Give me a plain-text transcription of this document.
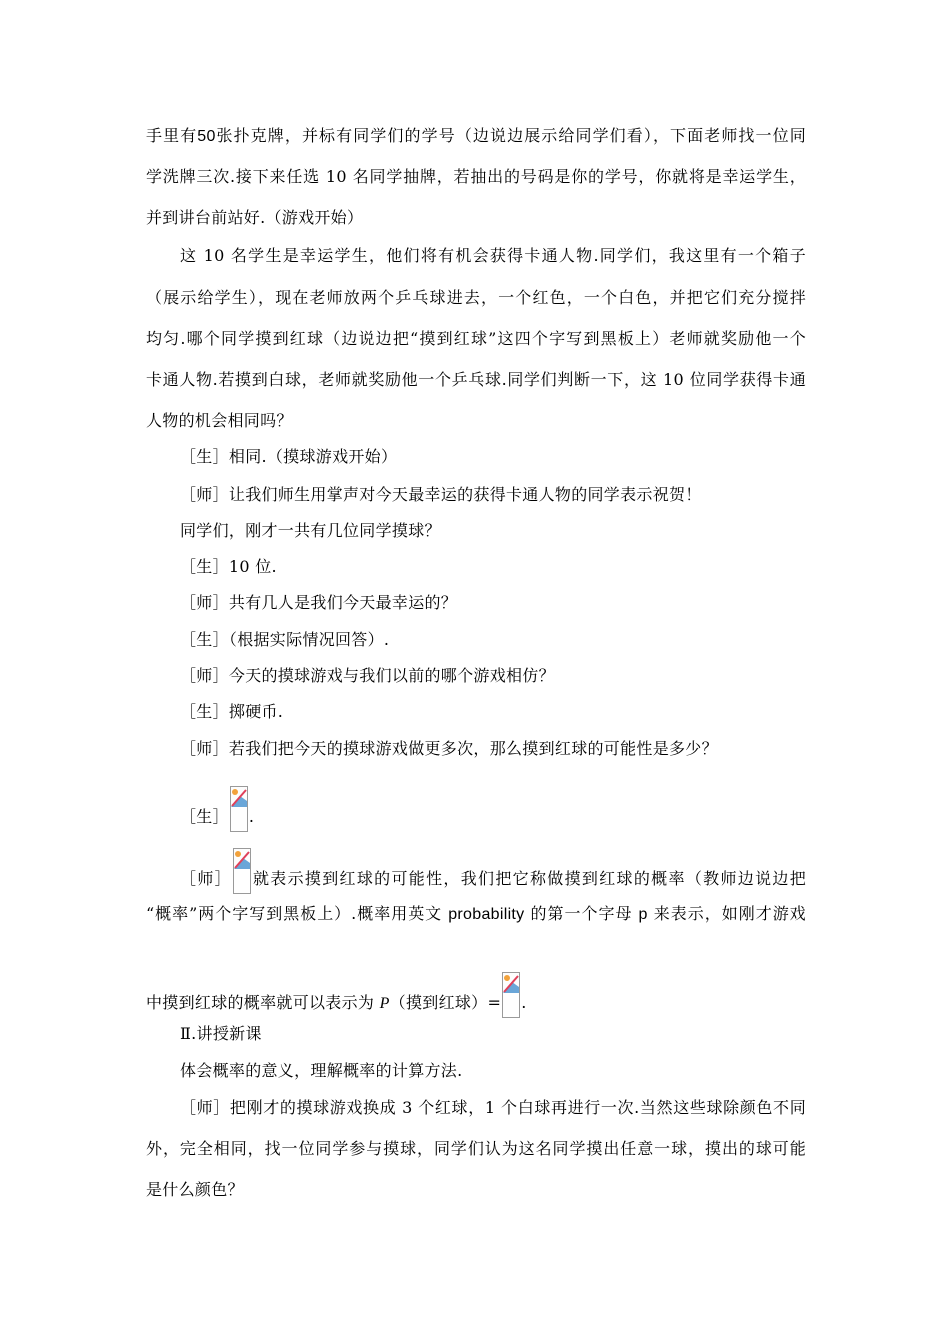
手里有50张扑克牌，并标有同学们的学号（边说边展示给同学们看），下面老师找一位同
学洗牌三次.接下来任选 10 名同学抽牌，若抽出的号码是你的学号，你就将是幸运学生，
并到讲台前站好.（游戏开始）
这 10 名学生是幸运学生，他们将有机会获得卡通人物.同学们，我这里有一个箱子
（展示给学生），现在老师放两个乒乓球进去，一个红色，一个白色，并把它们充分搅拌
均匀.哪个同学摸到红球（边说边把“摸到红球”这四个字写到黑板上）老师就奖励他一个
卡通人物.若摸到白球，老师就奖励他一个乒乓球.同学们判断一下，这 10 位同学获得卡通
人物的机会相同吗？
［生］相同.（摸球游戏开始）
［师］让我们师生用掌声对今天最幸运的获得卡通人物的同学表示祝贺！
同学们，刚才一共有几位同学摸球？
［生］10 位.
［师］共有几人是我们今天最幸运的？
［生］（根据实际情况回答）.
［师］今天的摸球游戏与我们以前的哪个游戏相仿？
［生］掷硬币.
［师］若我们把今天的摸球游戏做更多次，那么摸到红球的可能性是多少？
［生］ .
［师］ 就表示摸到红球的可能性，我们把它称做摸到红球的概率（教师边说边把
“概率”两个字写到黑板上）.概率用英文 probability 的第一个字母 p 来表示，如刚才游戏
中摸到红球的概率就可以表示为 P（摸到红球）= .
Ⅱ.讲授新课
体会概率的意义，理解概率的计算方法.
［师］把刚才的摸球游戏换成 3 个红球，1 个白球再进行一次.当然这些球除颜色不同
外，完全相同，找一位同学参与摸球，同学们认为这名同学摸出任意一球，摸出的球可能
是什么颜色？
